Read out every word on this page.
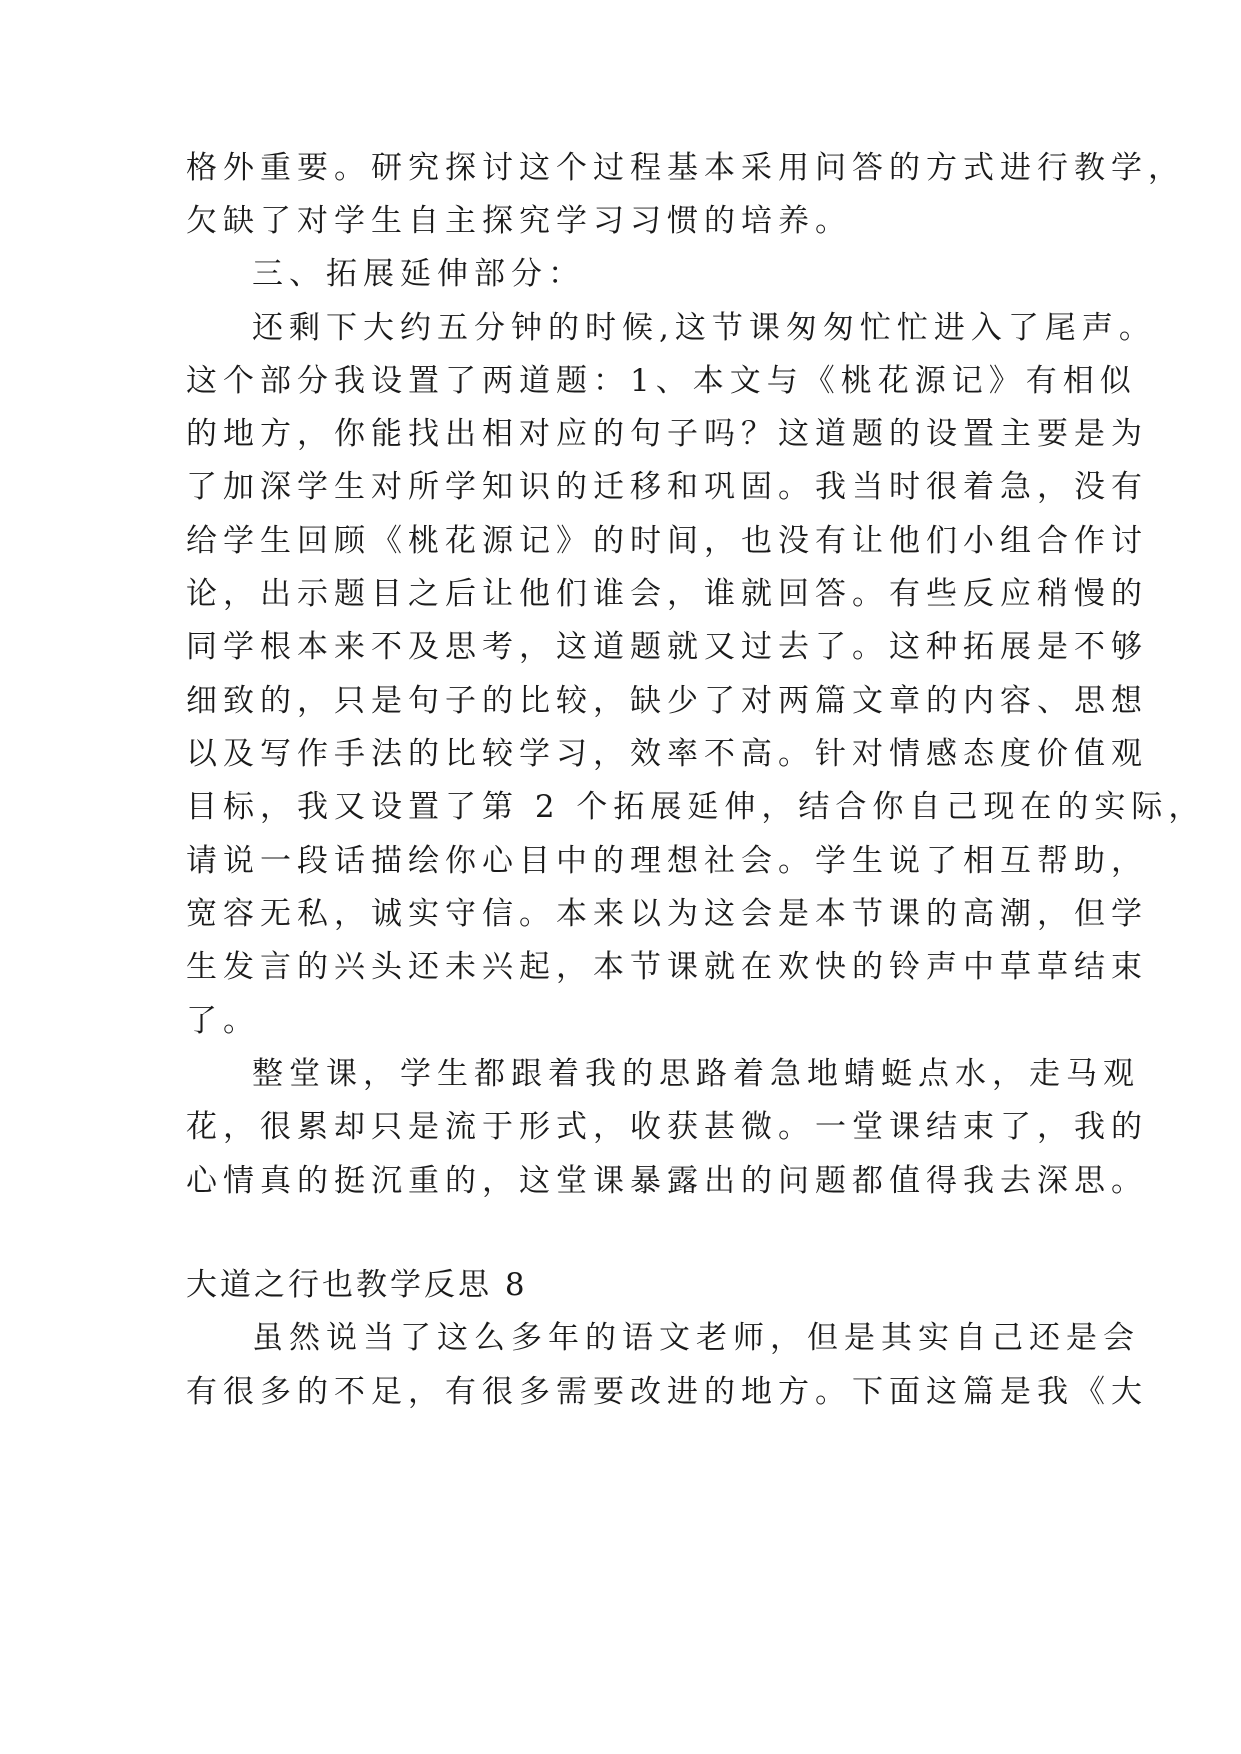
格外重要。研究探讨这个过程基本采用问答的方式进行教学，

欠缺了对学生自主探究学习习惯的培养。

三、拓展延伸部分：

还剩下大约五分钟的时候,这节课匆匆忙忙进入了尾声。

这个部分我设置了两道题：1、本文与《桃花源记》有相似

的地方，你能找出相对应的句子吗？这道题的设置主要是为

了加深学生对所学知识的迁移和巩固。我当时很着急，没有

给学生回顾《桃花源记》的时间，也没有让他们小组合作讨

论，出示题目之后让他们谁会，谁就回答。有些反应稍慢的

同学根本来不及思考，这道题就又过去了。这种拓展是不够

细致的，只是句子的比较，缺少了对两篇文章的内容、思想

以及写作手法的比较学习，效率不高。针对情感态度价值观

目标，我又设置了第 2 个拓展延伸，结合你自己现在的实际，

请说一段话描绘你心目中的理想社会。学生说了相互帮助，

宽容无私，诚实守信。本来以为这会是本节课的高潮，但学

生发言的兴头还未兴起，本节课就在欢快的铃声中草草结束

了。

整堂课，学生都跟着我的思路着急地蜻蜓点水，走马观

花，很累却只是流于形式，收获甚微。一堂课结束了，我的

心情真的挺沉重的，这堂课暴露出的问题都值得我去深思。

大道之行也教学反思 8

虽然说当了这么多年的语文老师，但是其实自己还是会

有很多的不足，有很多需要改进的地方。下面这篇是我《大
